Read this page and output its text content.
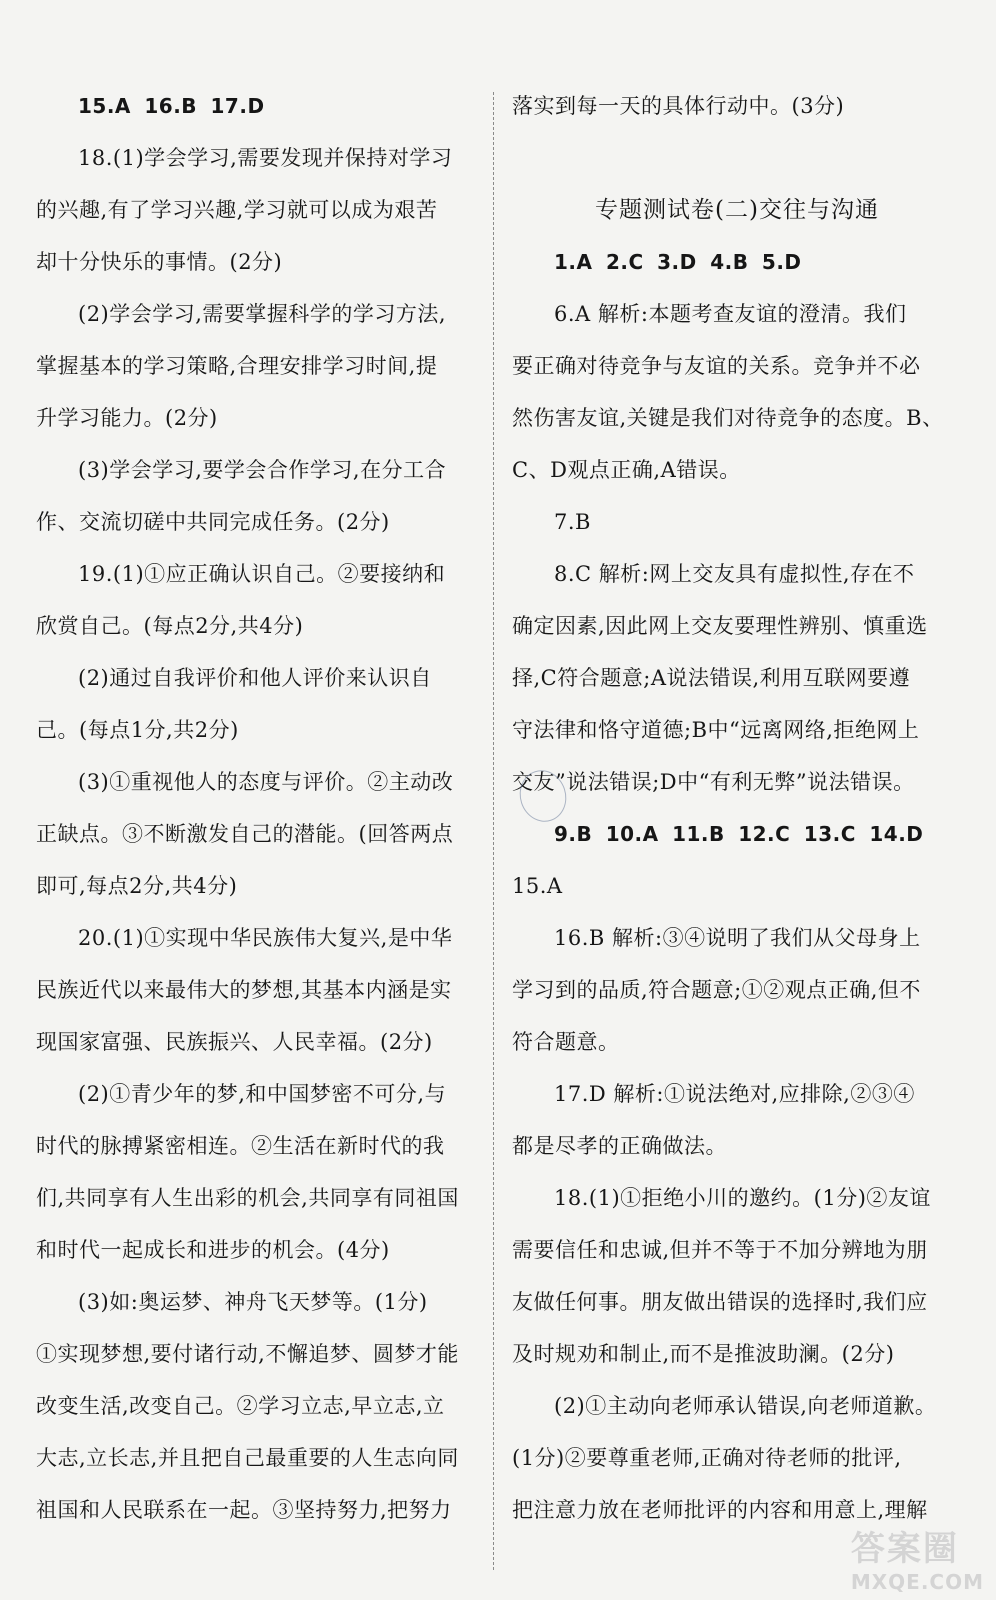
15.A 16.B 17.D
18.(1)学会学习,需要发现并保持对学习
的兴趣,有了学习兴趣,学习就可以成为艰苦
却十分快乐的事情。(2分)
(2)学会学习,需要掌握科学的学习方法,
掌握基本的学习策略,合理安排学习时间,提
升学习能力。(2分)
(3)学会学习,要学会合作学习,在分工合
作、交流切磋中共同完成任务。(2分)
19.(1)①应正确认识自己。②要接纳和
欣赏自己。(每点2分,共4分)
(2)通过自我评价和他人评价来认识自
己。(每点1分,共2分)
(3)①重视他人的态度与评价。②主动改
正缺点。③不断激发自己的潜能。(回答两点
即可,每点2分,共4分)
20.(1)①实现中华民族伟大复兴,是中华
民族近代以来最伟大的梦想,其基本内涵是实
现国家富强、民族振兴、人民幸福。(2分)
(2)①青少年的梦,和中国梦密不可分,与
时代的脉搏紧密相连。②生活在新时代的我
们,共同享有人生出彩的机会,共同享有同祖国
和时代一起成长和进步的机会。(4分)
(3)如:奥运梦、神舟飞天梦等。(1分)
①实现梦想,要付诸行动,不懈追梦、圆梦才能
改变生活,改变自己。②学习立志,早立志,立
大志,立长志,并且把自己最重要的人生志向同
祖国和人民联系在一起。③坚持努力,把努力
落实到每一天的具体行动中。(3分)
专题测试卷(二)交往与沟通
1.A 2.C 3.D 4.B 5.D
6.A 解析:本题考查友谊的澄清。我们
要正确对待竞争与友谊的关系。竞争并不必
然伤害友谊,关键是我们对待竞争的态度。B、
C、D观点正确,A错误。
7.B
8.C 解析:网上交友具有虚拟性,存在不
确定因素,因此网上交友要理性辨别、慎重选
择,C符合题意;A说法错误,利用互联网要遵
守法律和恪守道德;B中“远离网络,拒绝网上
交友”说法错误;D中“有利无弊”说法错误。
9.B 10.A 11.B 12.C 13.C 14.D
15.A
16.B 解析:③④说明了我们从父母身上
学习到的品质,符合题意;①②观点正确,但不
符合题意。
17.D 解析:①说法绝对,应排除,②③④
都是尽孝的正确做法。
18.(1)①拒绝小川的邀约。(1分)②友谊
需要信任和忠诚,但并不等于不加分辨地为朋
友做任何事。朋友做出错误的选择时,我们应
及时规劝和制止,而不是推波助澜。(2分)
(2)①主动向老师承认错误,向老师道歉。
(1分)②要尊重老师,正确对待老师的批评,
把注意力放在老师批评的内容和用意上,理解
答案圈
MXQE.COM
